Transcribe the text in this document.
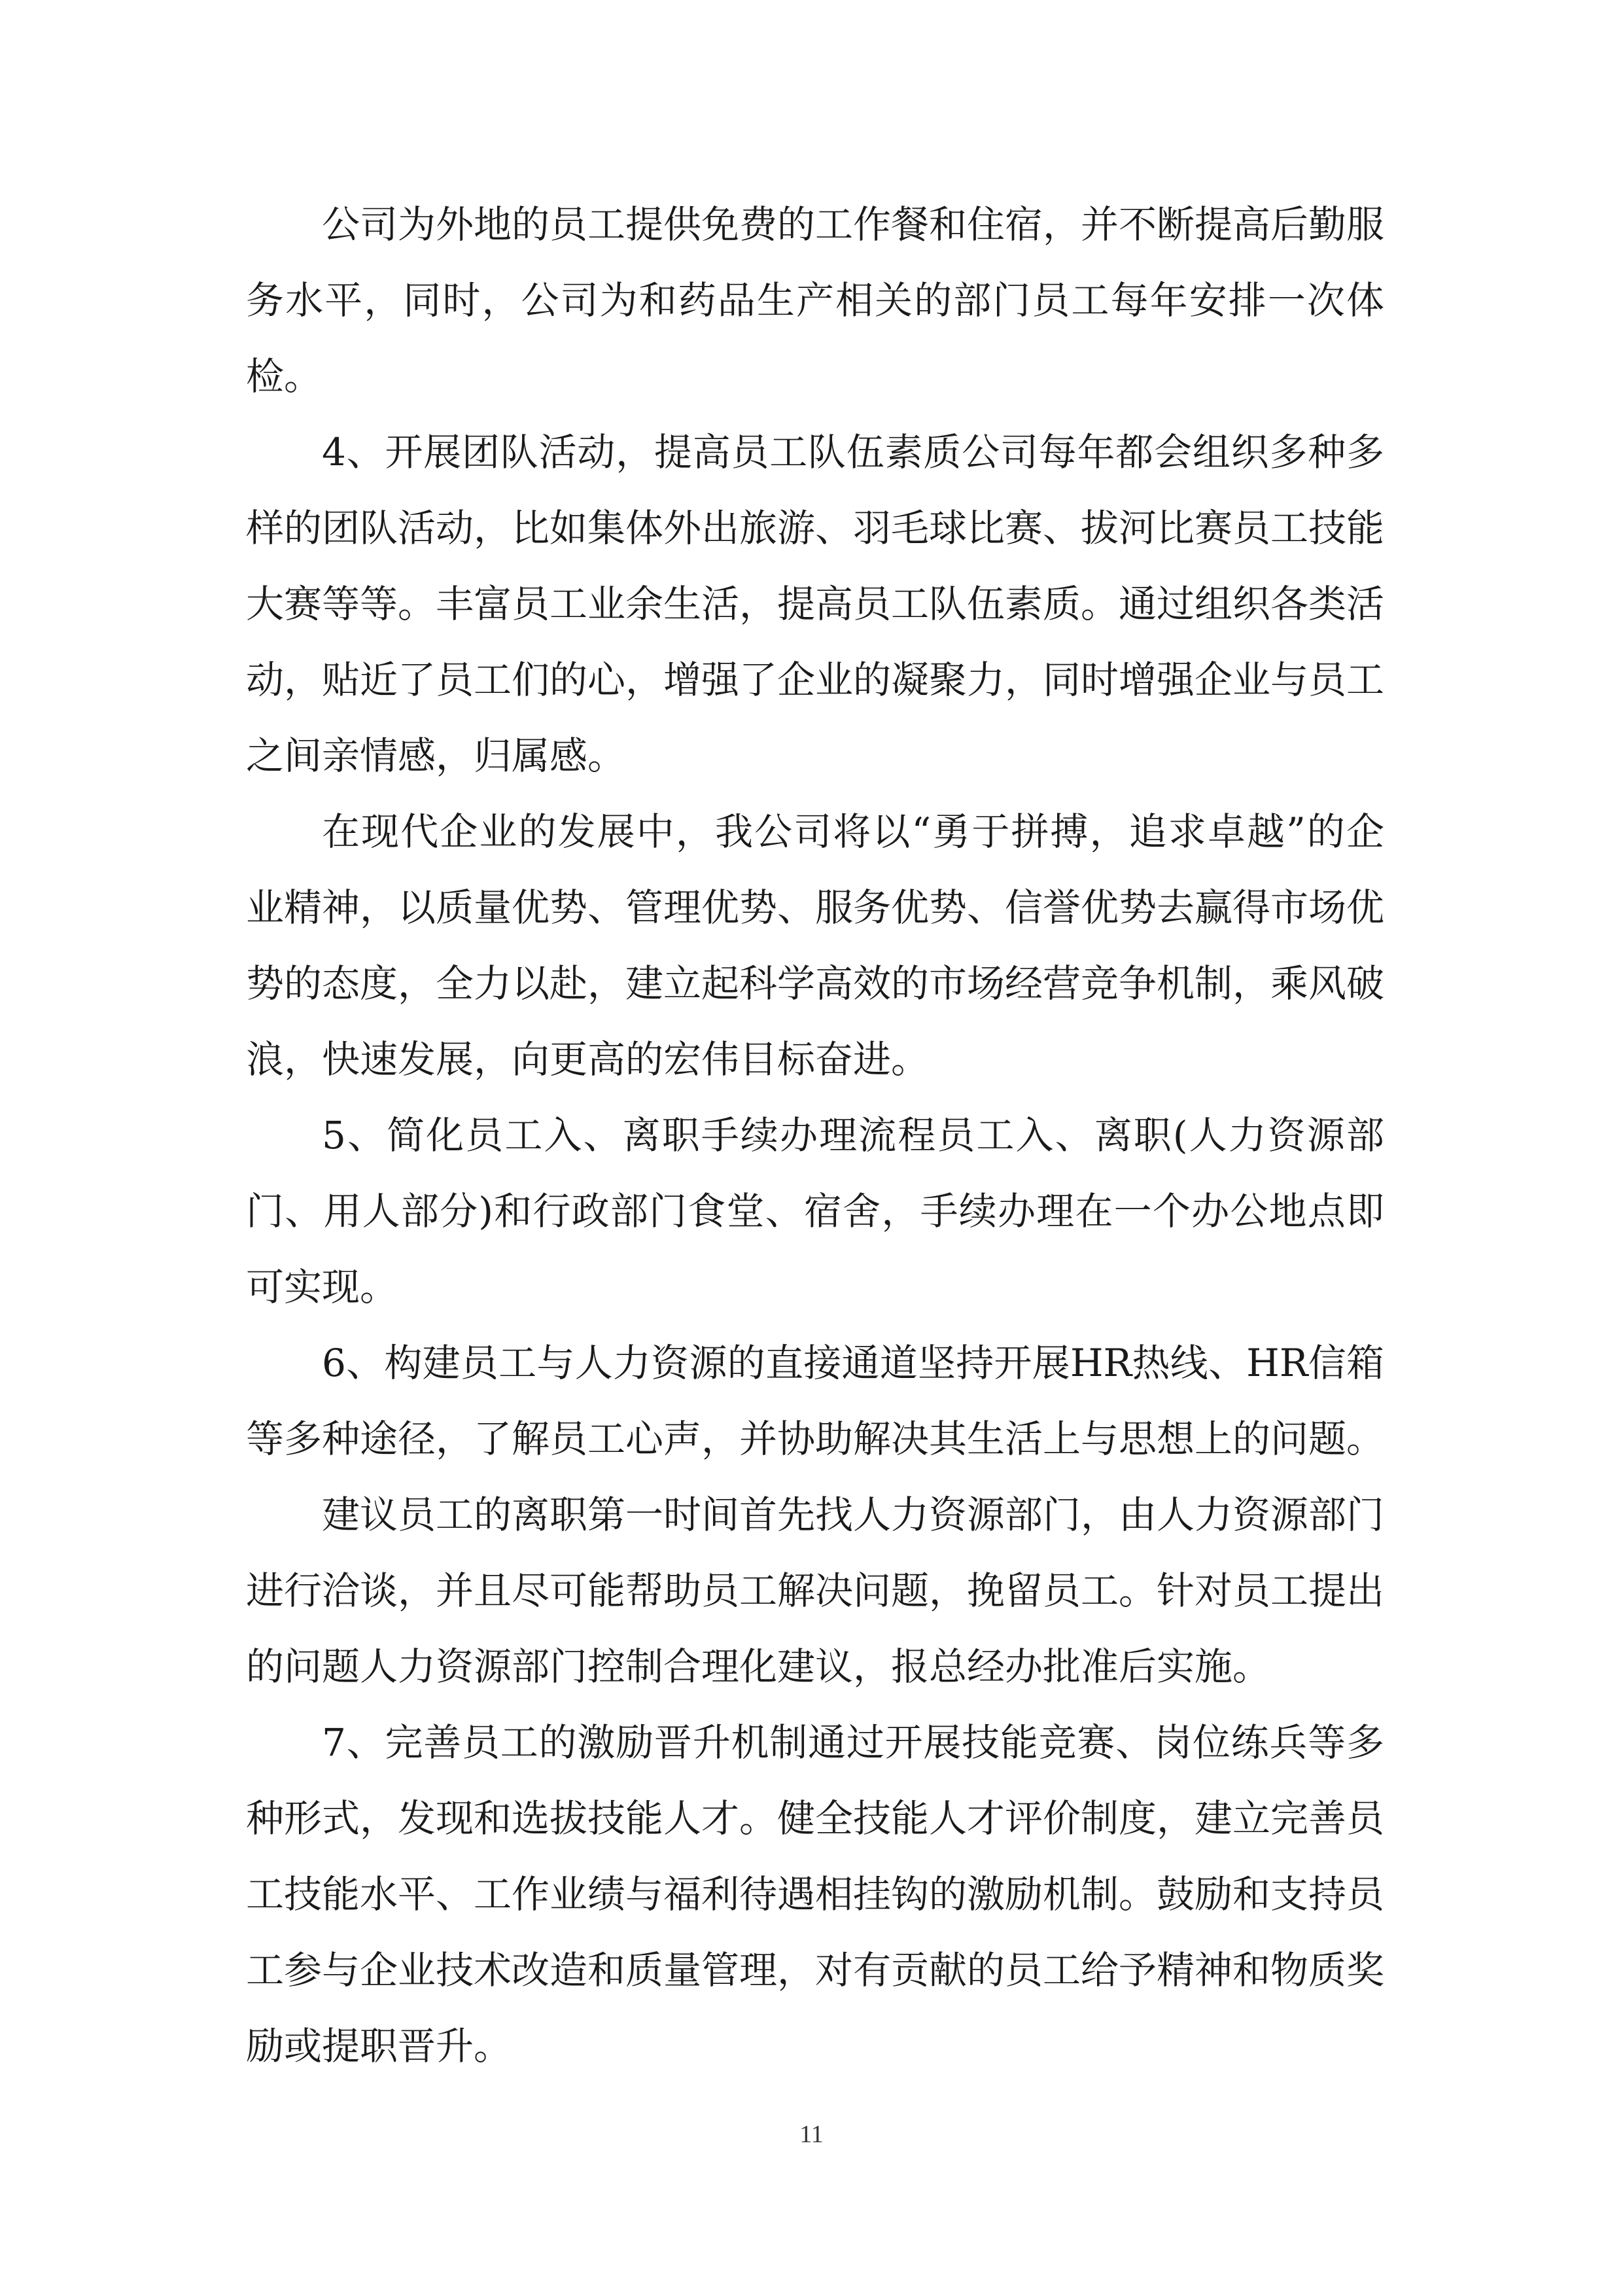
公司为外地的员工提供免费的工作餐和住宿，并不断提高后勤服务水平，同时，公司为和药品生产相关的部门员工每年安排一次体检。

4、开展团队活动，提高员工队伍素质公司每年都会组织多种多样的团队活动，比如集体外出旅游、羽毛球比赛、拔河比赛员工技能大赛等等。丰富员工业余生活，提高员工队伍素质。通过组织各类活动，贴近了员工们的心，增强了企业的凝聚力，同时增强企业与员工之间亲情感，归属感。

在现代企业的发展中，我公司将以“勇于拼搏，追求卓越”的企业精神，以质量优势、管理优势、服务优势、信誉优势去赢得市场优势的态度，全力以赴，建立起科学高效的市场经营竞争机制，乘风破浪，快速发展，向更高的宏伟目标奋进。

5、简化员工入、离职手续办理流程员工入、离职(人力资源部门、用人部分)和行政部门食堂、宿舍，手续办理在一个办公地点即可实现。

6、构建员工与人力资源的直接通道坚持开展HR热线、HR信箱等多种途径，了解员工心声，并协助解决其生活上与思想上的问题。

建议员工的离职第一时间首先找人力资源部门，由人力资源部门进行洽谈，并且尽可能帮助员工解决问题，挽留员工。针对员工提出的问题人力资源部门控制合理化建议，报总经办批准后实施。

7、完善员工的激励晋升机制通过开展技能竞赛、岗位练兵等多种形式，发现和选拔技能人才。健全技能人才评价制度，建立完善员工技能水平、工作业绩与福利待遇相挂钩的激励机制。鼓励和支持员工参与企业技术改造和质量管理，对有贡献的员工给予精神和物质奖励或提职晋升。

11
